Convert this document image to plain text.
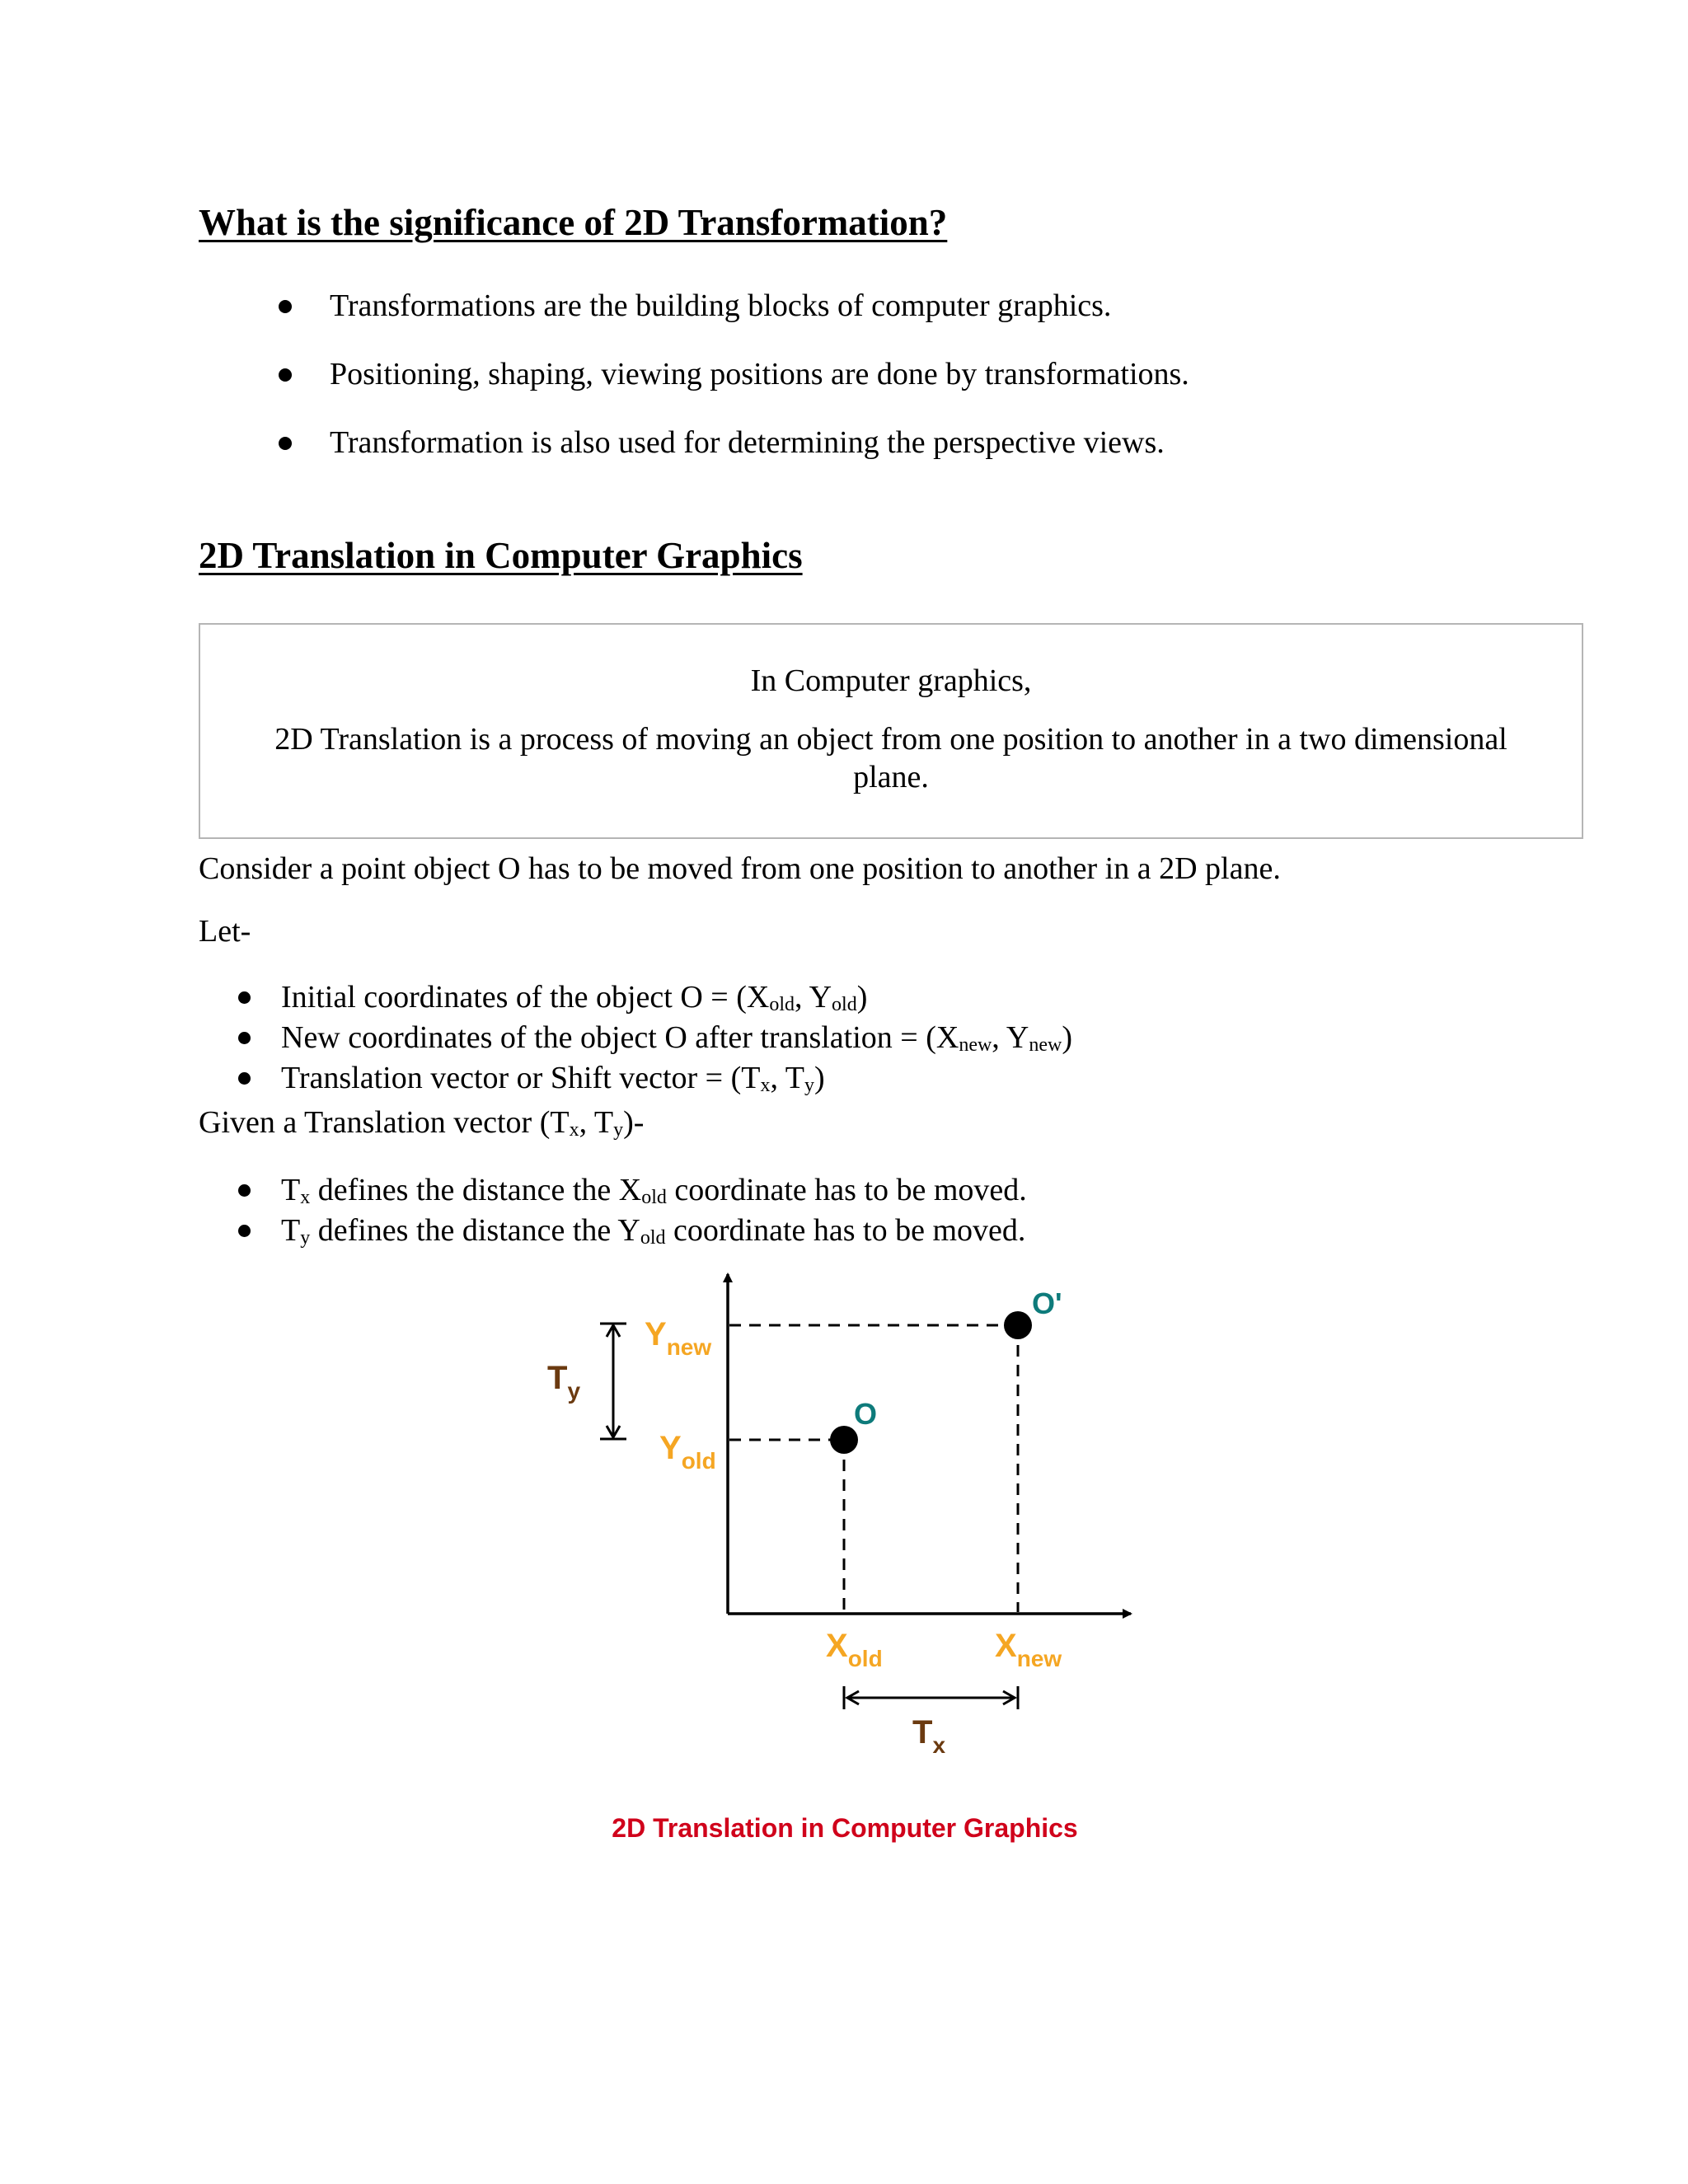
What is the significance of 2D Transformation?
Transformations are the building blocks of computer graphics.
Positioning, shaping, viewing positions are done by transformations.
Transformation is also used for determining the perspective views.
2D Translation in Computer Graphics
In Computer graphics,
2D Translation is a process of moving an object from one position to another in a two dimensional plane.
Consider a point object O has to be moved from one position to another in a 2D plane.
Let-
Initial coordinates of the object $O = (X_{old}$, $Y_{old}$)
New coordinates of the object O after translation = ($X_{new}$, $Y_{new}$)
Translation vector or Shift vector = ($T_x$, $T_y$)
Given a Translation vector ($T_x$, $T_y)-$
$T_x$ defines the distance the $X_{old}$ coordinate has to be moved.
$T_y$ defines the distance the $Y_{old}$ coordinate has to be moved.
Ynew
Yold
Xold	Xnew
Ty
Tx
O
O'
2D Translation in Computer Graphics
